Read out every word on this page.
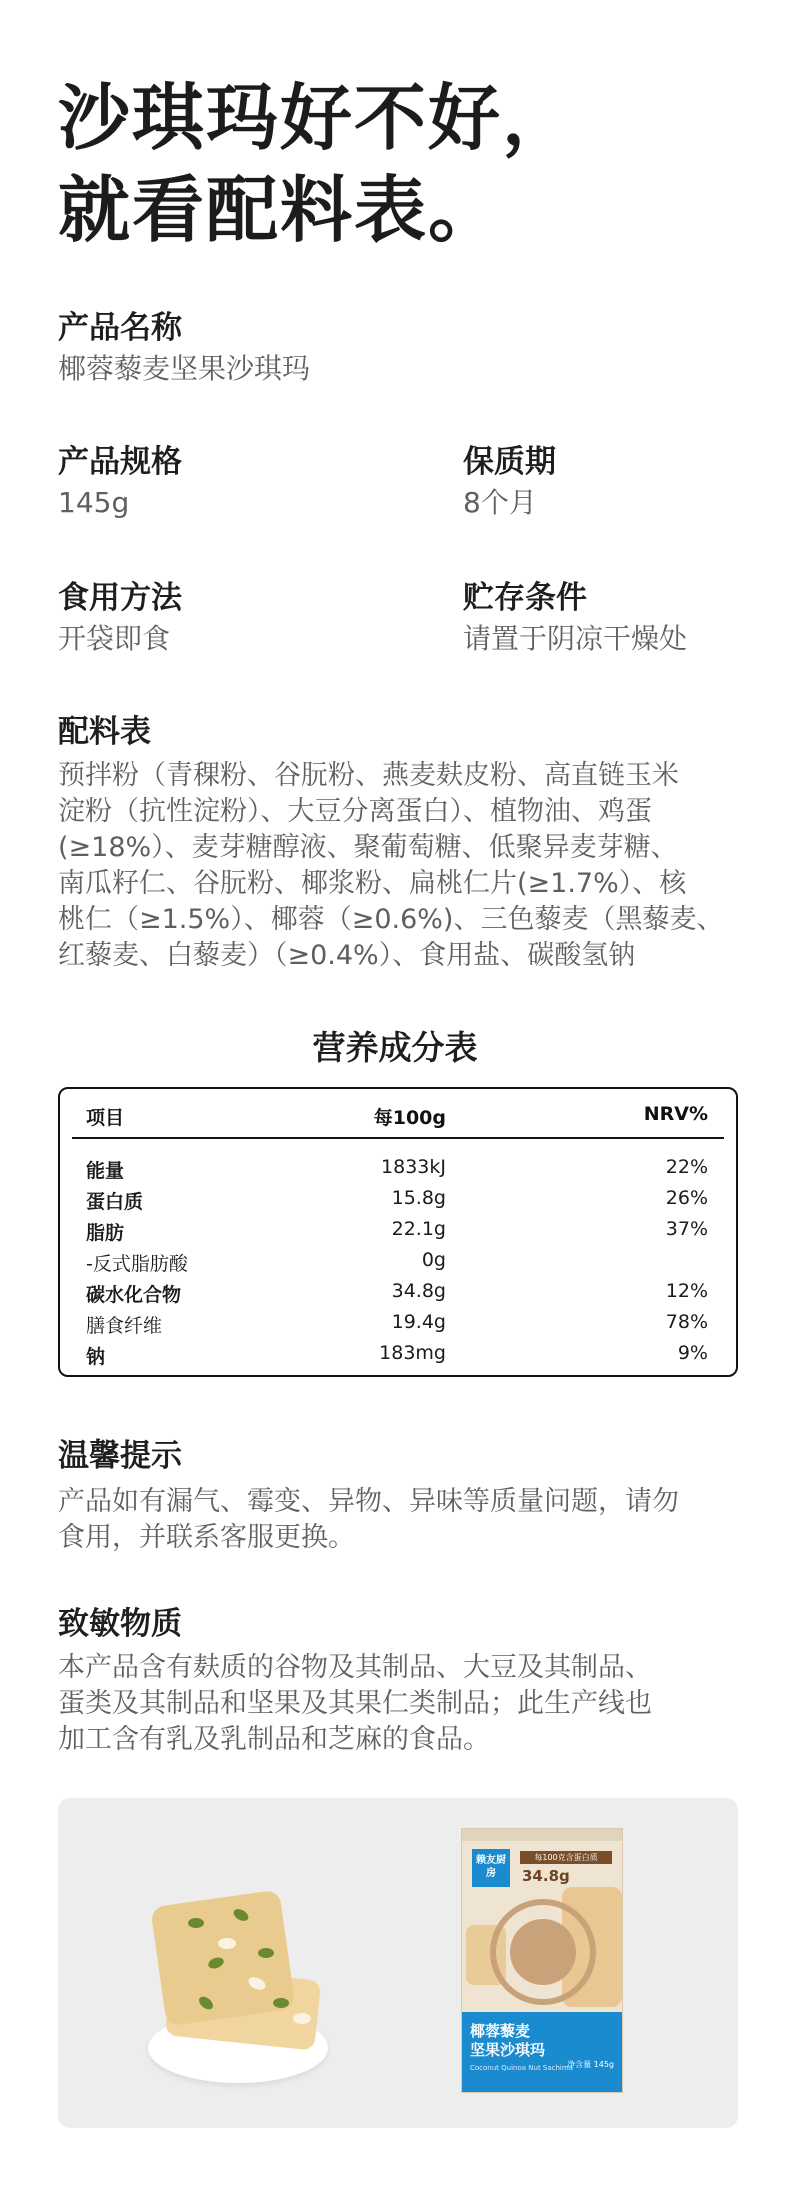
沙琪玛好不好，
就看配料表。
产品名称
椰蓉藜麦坚果沙琪玛
产品规格
145g
保质期
8个月
食用方法
开袋即食
贮存条件
请置于阴凉干燥处
配料表
预拌粉（青稞粉、谷朊粉、燕麦麸皮粉、高直链玉米
淀粉（抗性淀粉）、大豆分离蛋白）、植物油、鸡蛋
(≥18%）、麦芽糖醇液、聚葡萄糖、低聚异麦芽糖、
南瓜籽仁、谷朊粉、椰浆粉、扁桃仁片(≥1.7%）、核
桃仁（≥1.5%）、椰蓉（≥0.6%)、三色藜麦（黑藜麦、
红藜麦、白藜麦）（≥0.4%）、食用盐、碳酸氢钠
营养成分表
项目	每100g	NRV%
能量	1833kJ	22%
蛋白质	15.8g	26%
脂肪	22.1g	37%
-反式脂肪酸	0g
碳水化合物	34.8g	12%
膳食纤维	19.4g	78%
钠	183mg	9%
温馨提示
产品如有漏气、霉变、异物、异味等质量问题，请勿
食用，并联系客服更换。
致敏物质
本产品含有麸质的谷物及其制品、大豆及其制品、
蛋类及其制品和坚果及其果仁类制品；此生产线也
加工含有乳及乳制品和芝麻的食品。
赖友厨房
每100克含蛋白质
34.8g
椰蓉藜麦
坚果沙琪玛
Coconut Quinoa Nut Sachima
净含量 145g
